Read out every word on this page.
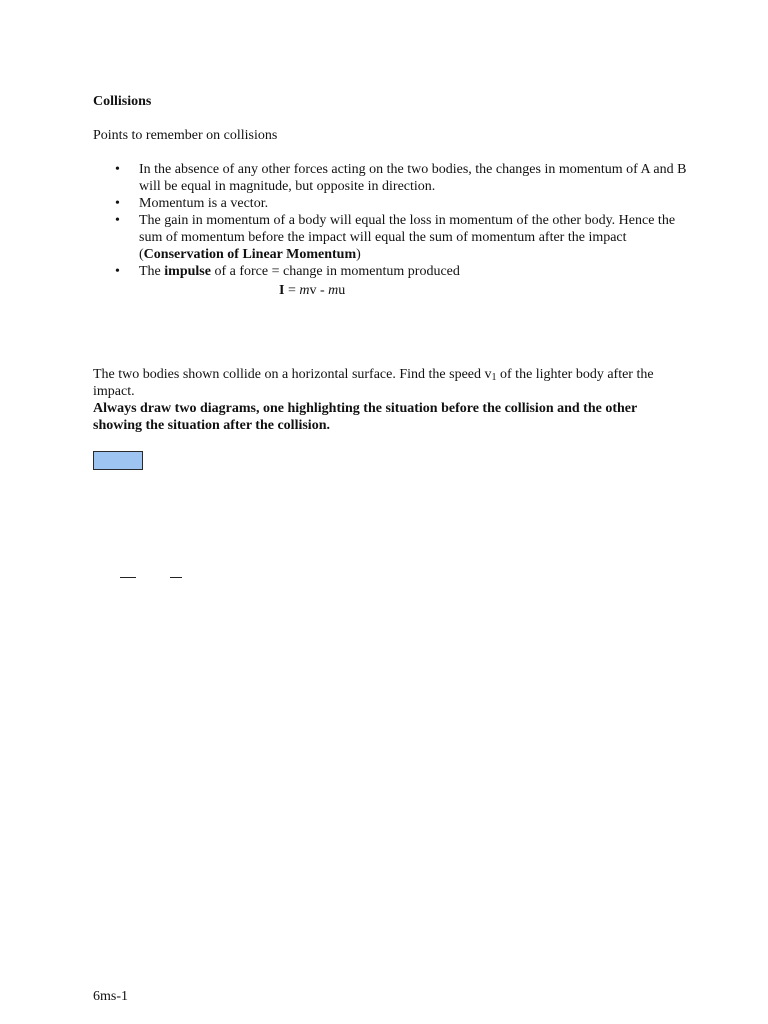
Collisions
Points to remember on collisions
• In the absence of any other forces acting on the two bodies, the changes in momentum of A and B will be equal in magnitude, but opposite in direction.
• Momentum is a vector.
• The gain in momentum of a body will equal the loss in momentum of the other body. Hence the sum of momentum before the impact will equal the sum of momentum after the impact (Conservation of Linear Momentum)
• The impulse of a force = change in momentum produced
I = mv - mu
The two bodies shown collide on a horizontal surface. Find the speed $v_1$ of the lighter body after the impact.
Always draw two diagrams, one highlighting the situation before the collision and the other showing the situation after the collision.
6ms-1
